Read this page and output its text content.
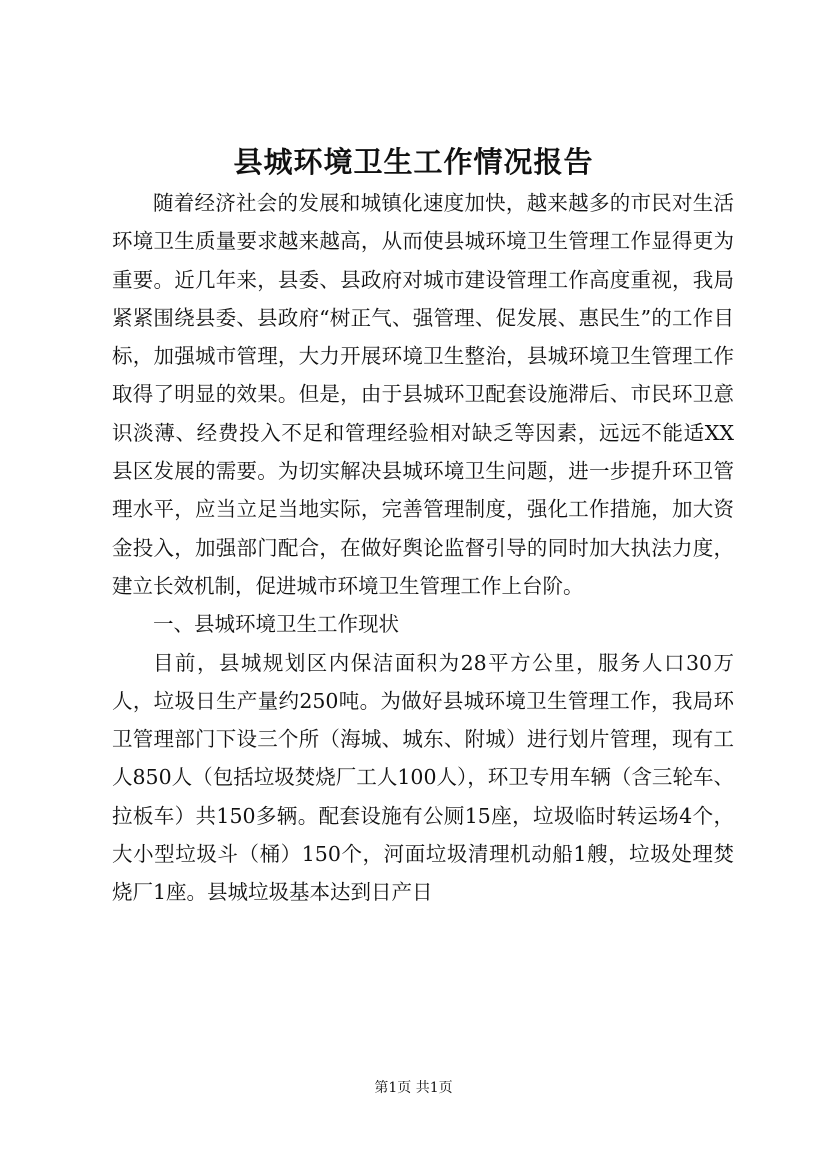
县城环境卫生工作情况报告

随着经济社会的发展和城镇化速度加快，越来越多的市民对生活环境卫生质量要求越来越高，从而使县城环境卫生管理工作显得更为重要。近几年来，县委、县政府对城市建设管理工作高度重视，我局紧紧围绕县委、县政府“树正气、强管理、促发展、惠民生”的工作目标，加强城市管理，大力开展环境卫生整治，县城环境卫生管理工作取得了明显的效果。但是，由于县城环卫配套设施滞后、市民环卫意识淡薄、经费投入不足和管理经验相对缺乏等因素，远远不能适XX县区发展的需要。为切实解决县城环境卫生问题，进一步提升环卫管理水平，应当立足当地实际，完善管理制度，强化工作措施，加大资金投入，加强部门配合，在做好舆论监督引导的同时加大执法力度，建立长效机制，促进城市环境卫生管理工作上台阶。

一、县城环境卫生工作现状

目前，县城规划区内保洁面积为28平方公里，服务人口30万人，垃圾日生产量约250吨。为做好县城环境卫生管理工作，我局环卫管理部门下设三个所（海城、城东、附城）进行划片管理，现有工人850人（包括垃圾焚烧厂工人100人），环卫专用车辆（含三轮车、拉板车）共150多辆。配套设施有公厕15座，垃圾临时转运场4个，大小型垃圾斗（桶）150个，河面垃圾清理机动船1艘，垃圾处理焚烧厂1座。县城垃圾基本达到日产日

第1页 共1页
